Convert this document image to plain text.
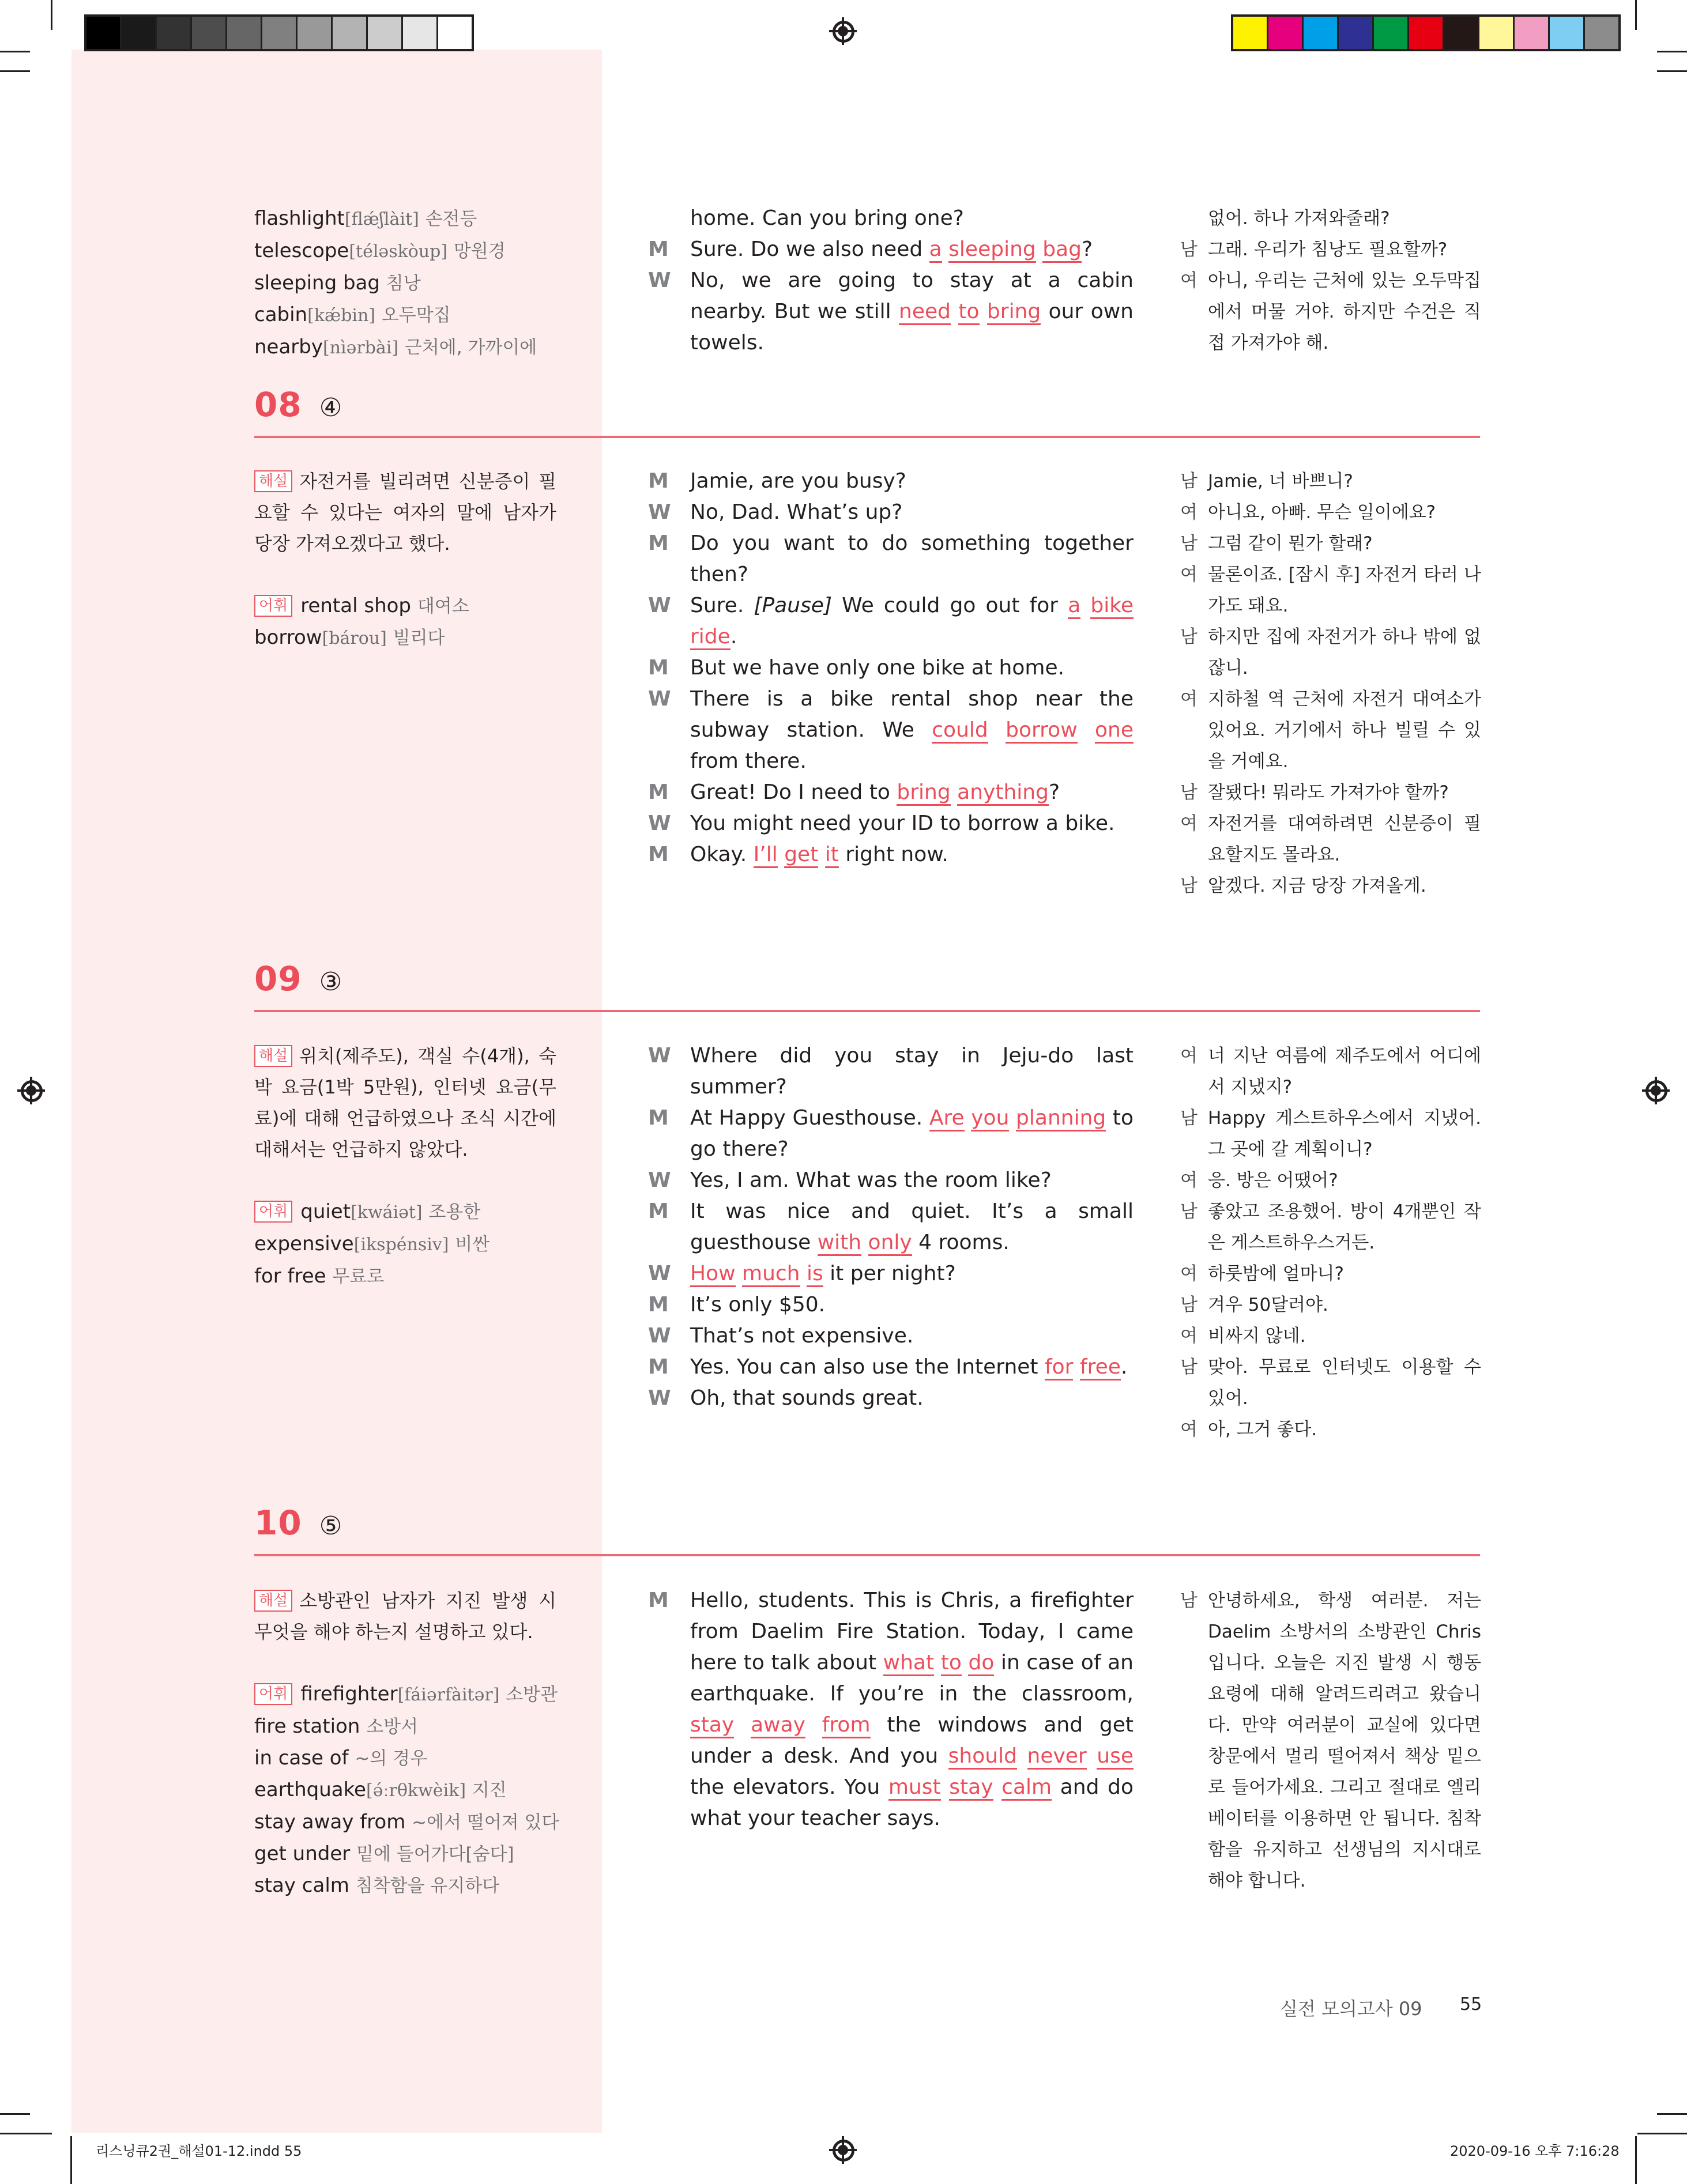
flashlight[flǽʃlàit] 손전등
telescope[téləskòup] 망원경
sleeping bag 침낭
cabin[kǽbin] 오두막집
nearby[nìərbài] 근처에, 가까이에
home. Can you bring one?
M	Sure. Do we also need a sleeping bag?
W No, we are going to stay at a cabin nearby. But we still need to bring our own towels.
없어. 하나 가져와줄래?
남 그래. 우리가 침낭도 필요할까?
여 아니, 우리는 근처에 있는 오두막집에서 머물 거야. 하지만 수건은 직접 가져가야 해.
08 ④
해설 자전거를 빌리려면 신분증이 필요할 수 있다는 여자의 말에 남자가 당장 가져오겠다고 했다.
어휘 rental shop 대여소
borrow[bárou] 빌리다
M	Jamie, are you busy?
W No, Dad. What’s up?
M	Do you want to do something together then?
W Sure. [Pause] We could go out for a bike ride.
M	But we have only one bike at home.
W There is a bike rental shop near the subway station. We could borrow one from there.
M	Great! Do I need to bring anything?
W You might need your ID to borrow a bike.
M	Okay. I’ll get it right now.
남 Jamie, 너 바쁘니?
여 아니요, 아빠. 무슨 일이에요?
남 그럼 같이 뭔가 할래?
여 물론이죠. [잠시 후] 자전거 타러 나가도 돼요.
남 하지만 집에 자전거가 하나 밖에 없잖니.
여 지하철 역 근처에 자전거 대여소가 있어요. 거기에서 하나 빌릴 수 있을 거예요.
남 잘됐다! 뭐라도 가져가야 할까?
여 자전거를 대여하려면 신분증이 필요할지도 몰라요.
남 알겠다. 지금 당장 가져올게.
09 ③
해설 위치(제주도), 객실 수(4개), 숙박 요금(1박 5만원), 인터넷 요금(무료)에 대해 언급하였으나 조식 시간에 대해서는 언급하지 않았다.
어휘 quiet[kwáiət] 조용한
expensive[ikspénsiv] 비싼
for free 무료로
W Where did you stay in Jeju-do last summer?
M	At Happy Guesthouse. Are you planning to go there?
W Yes, I am. What was the room like?
M	It was nice and quiet. It’s a small guesthouse with only 4 rooms.
W How much is it per night?
M	It’s only $50.
W That’s not expensive.
M	Yes. You can also use the Internet for free.
W Oh, that sounds great.
여 너 지난 여름에 제주도에서 어디에서 지냈지?
남 Happy 게스트하우스에서 지냈어. 그 곳에 갈 계획이니?
여 응. 방은 어땠어?
남 좋았고 조용했어. 방이 4개뿐인 작은 게스트하우스거든.
여 하룻밤에 얼마니?
남 겨우 50달러야.
여 비싸지 않네.
남 맞아. 무료로 인터넷도 이용할 수 있어.
여 아, 그거 좋다.
10 ⑤
해설 소방관인 남자가 지진 발생 시 무엇을 해야 하는지 설명하고 있다.
어휘 firefighter[fáiərfàitər] 소방관
fire station 소방서
in case of ~의 경우
earthquake[ə́ːrθkwèik] 지진
stay away from ~에서 떨어져 있다
get under 밑에 들어가다[숨다]
stay calm 침착함을 유지하다
M	Hello, students. This is Chris, a firefighter from Daelim Fire Station. Today, I came here to talk about what to do in case of an earthquake. If you’re in the classroom, stay away from the windows and get under a desk. And you should never use the elevators. You must stay calm and do what your teacher says.
남 안녕하세요, 학생 여러분. 저는 Daelim 소방서의 소방관인 Chris입니다. 오늘은 지진 발생 시 행동 요령에 대해 알려드리려고 왔습니다. 만약 여러분이 교실에 있다면 창문에서 멀리 떨어져서 책상 밑으로 들어가세요. 그리고 절대로 엘리베이터를 이용하면 안 됩니다. 침착함을 유지하고 선생님의 지시대로 해야 합니다.
실전 모의고사 09 55
리스닝큐2권_해설01-12.indd 55	2020-09-16 오후 7:16:28
